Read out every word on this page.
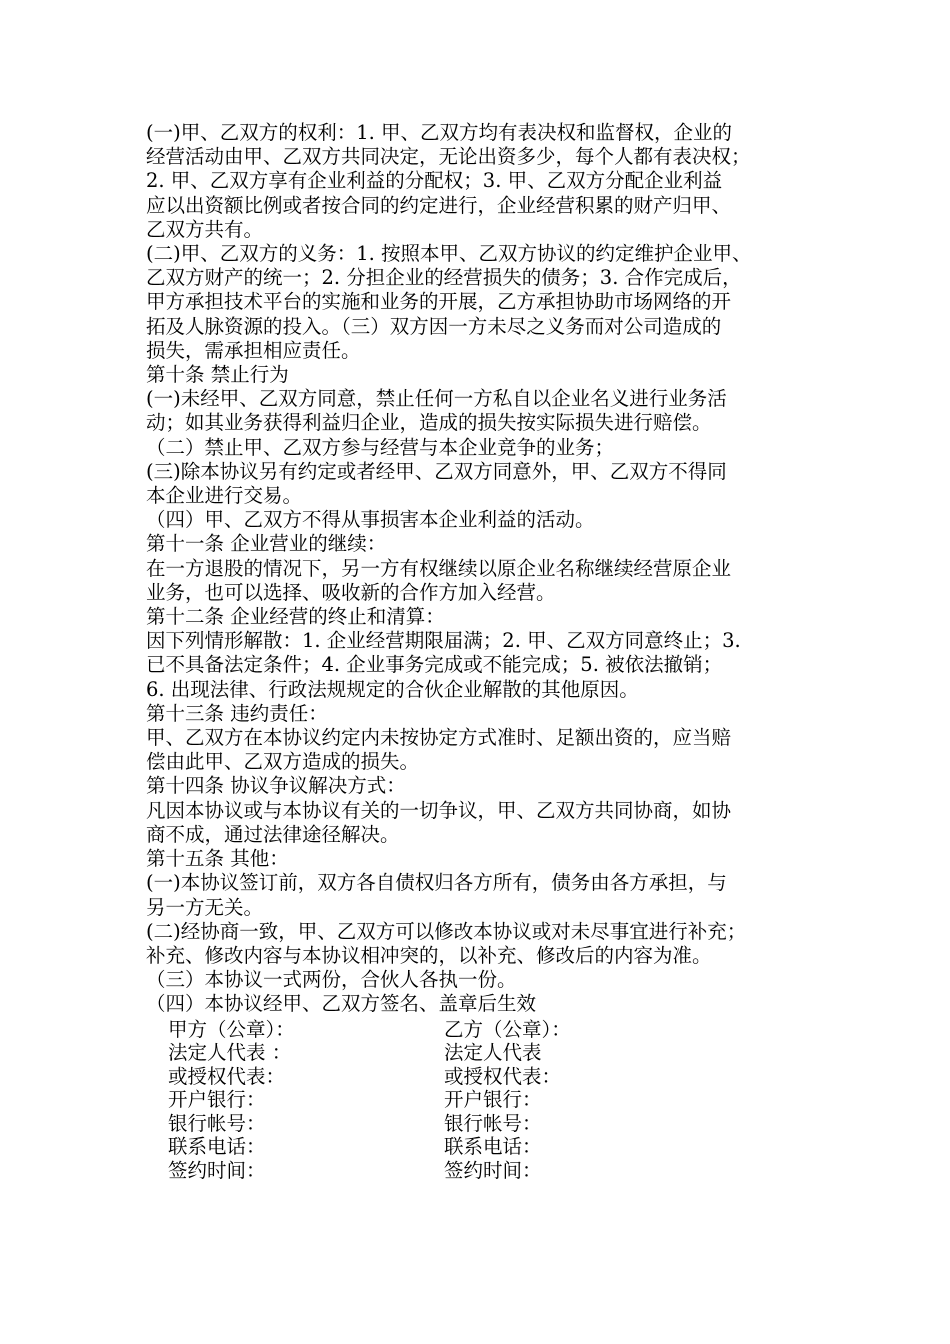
(一)甲、乙双方的权利：1. 甲、乙双方均有表决权和监督权，企业的
经营活动由甲、乙双方共同决定，无论出资多少，每个人都有表决权；
2. 甲、乙双方享有企业利益的分配权；3. 甲、乙双方分配企业利益
应以出资额比例或者按合同的约定进行，企业经营积累的财产归甲、
乙双方共有。
(二)甲、乙双方的义务：1. 按照本甲、乙双方协议的约定维护企业甲、
乙双方财产的统一；2. 分担企业的经营损失的债务；3. 合作完成后，
甲方承担技术平台的实施和业务的开展，乙方承担协助市场网络的开
拓及人脉资源的投入。（三）双方因一方未尽之义务而对公司造成的
损失，需承担相应责任。
第十条 禁止行为
(一)未经甲、乙双方同意，禁止任何一方私自以企业名义进行业务活
动；如其业务获得利益归企业，造成的损失按实际损失进行赔偿。
（二）禁止甲、乙双方参与经营与本企业竞争的业务；
(三)除本协议另有约定或者经甲、乙双方同意外，甲、乙双方不得同
本企业进行交易。
（四）甲、乙双方不得从事损害本企业利益的活动。
第十一条 企业营业的继续：
在一方退股的情况下，另一方有权继续以原企业名称继续经营原企业
业务，也可以选择、吸收新的合作方加入经营。
第十二条 企业经营的终止和清算：
因下列情形解散：1. 企业经营期限届满；2. 甲、乙双方同意终止；3.
已不具备法定条件；4. 企业事务完成或不能完成；5. 被依法撤销；
6. 出现法律、行政法规规定的合伙企业解散的其他原因。
第十三条 违约责任：
甲、乙双方在本协议约定内未按协定方式准时、足额出资的，应当赔
偿由此甲、乙双方造成的损失。
第十四条 协议争议解决方式：
凡因本协议或与本协议有关的一切争议，甲、乙双方共同协商，如协
商不成，通过法律途径解决。
第十五条 其他：
(一)本协议签订前，双方各自债权归各方所有，债务由各方承担，与
另一方无关。
(二)经协商一致，甲、乙双方可以修改本协议或对未尽事宜进行补充；
补充、修改内容与本协议相冲突的，以补充、修改后的内容为准。
（三）本协议一式两份，合伙人各执一份。
（四）本协议经甲、乙双方签名、盖章后生效
甲方（公章）：	乙方（公章）：
法定人代表 ：	法定人代表
或授权代表：	或授权代表：
开户银行：	开户银行：
银行帐号：	银行帐号：
联系电话：	联系电话：
签约时间：	签约时间：
